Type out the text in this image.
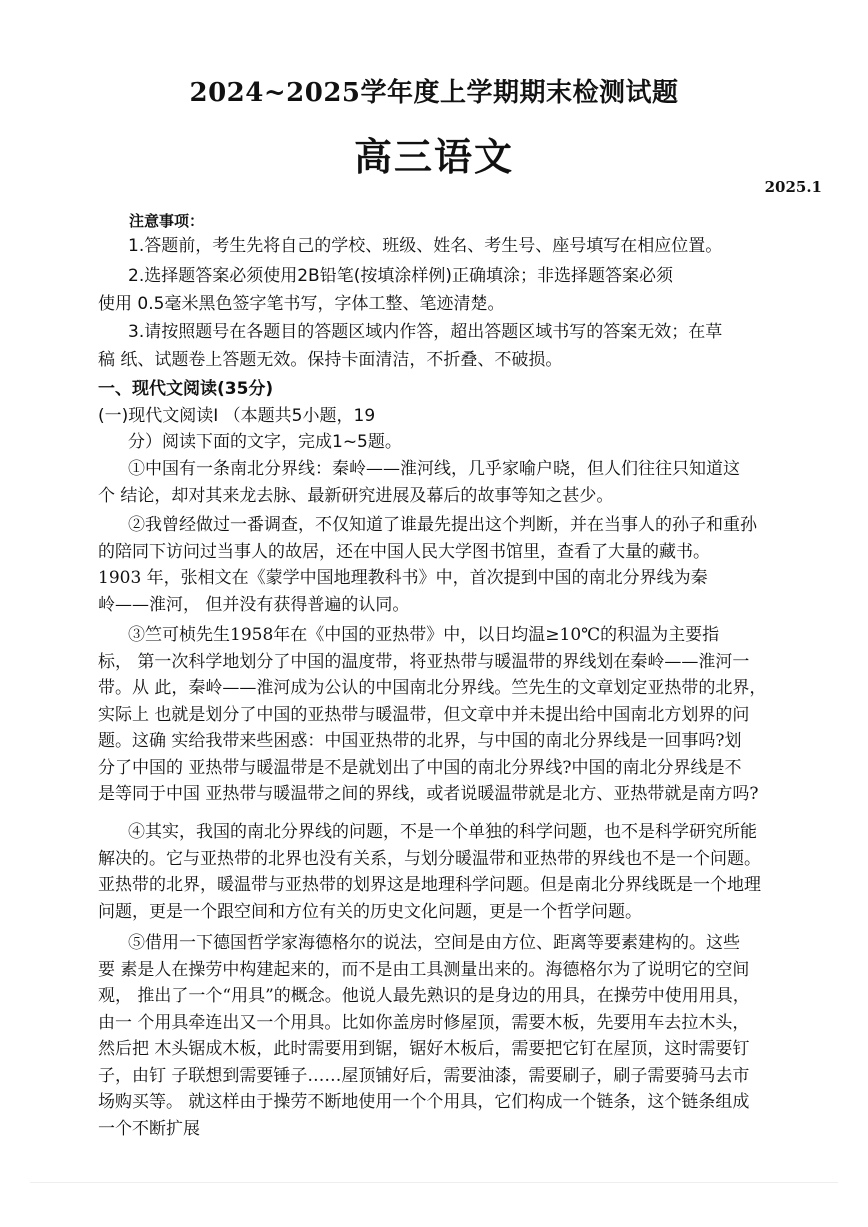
2024~2025学年度上学期期末检测试题
高三语文
2025.1
注意事项：
1.答题前，考生先将自己的学校、班级、姓名、考生号、座号填写在相应位置。
2.选择题答案必须使用2B铅笔(按填涂样例)正确填涂；非选择题答案必须
使用 0.5毫米黑色签字笔书写，字体工整、笔迹清楚。
3.请按照题号在各题目的答题区域内作答，超出答题区域书写的答案无效；在草
稿 纸、试题卷上答题无效。保持卡面清洁，不折叠、不破损。
一、现代文阅读(35分)
(一)现代文阅读I （本题共5小题，19
分）阅读下面的文字，完成1~5题。
①中国有一条南北分界线：秦岭——淮河线，几乎家喻户晓，但人们往往只知道这
个 结论，却对其来龙去脉、最新研究进展及幕后的故事等知之甚少。
②我曾经做过一番调查，不仅知道了谁最先提出这个判断，并在当事人的孙子和重孙
的陪同下访问过当事人的故居，还在中国人民大学图书馆里，查看了大量的藏书。
1903 年，张相文在《蒙学中国地理教科书》中，首次提到中国的南北分界线为秦
岭——淮河， 但并没有获得普遍的认同。
③竺可桢先生1958年在《中国的亚热带》中，以日均温≥10℃的积温为主要指
标， 第一次科学地划分了中国的温度带，将亚热带与暖温带的界线划在秦岭——淮河一
带。从 此，秦岭——淮河成为公认的中国南北分界线。竺先生的文章划定亚热带的北界，
实际上 也就是划分了中国的亚热带与暖温带，但文章中并未提出给中国南北方划界的问
题。这确 实给我带来些困惑：中国亚热带的北界，与中国的南北分界线是一回事吗?划
分了中国的 亚热带与暖温带是不是就划出了中国的南北分界线?中国的南北分界线是不
是等同于中国 亚热带与暖温带之间的界线，或者说暖温带就是北方、亚热带就是南方吗?
④其实，我国的南北分界线的问题，不是一个单独的科学问题，也不是科学研究所能
解决的。它与亚热带的北界也没有关系，与划分暖温带和亚热带的界线也不是一个问题。
亚热带的北界，暖温带与亚热带的划界这是地理科学问题。但是南北分界线既是一个地理
问题，更是一个跟空间和方位有关的历史文化问题，更是一个哲学问题。
⑤借用一下德国哲学家海德格尔的说法，空间是由方位、距离等要素建构的。这些
要 素是人在操劳中构建起来的，而不是由工具测量出来的。海德格尔为了说明它的空间
观， 推出了一个“用具”的概念。他说人最先熟识的是身边的用具，在操劳中使用用具，
由一 个用具牵连出又一个用具。比如你盖房时修屋顶，需要木板，先要用车去拉木头，
然后把 木头锯成木板，此时需要用到锯，锯好木板后，需要把它钉在屋顶，这时需要钉
子，由钉 子联想到需要锤子……屋顶铺好后，需要油漆，需要刷子，刷子需要骑马去市
场购买等。 就这样由于操劳不断地使用一个个用具，它们构成一个链条，这个链条组成
一个不断扩展
